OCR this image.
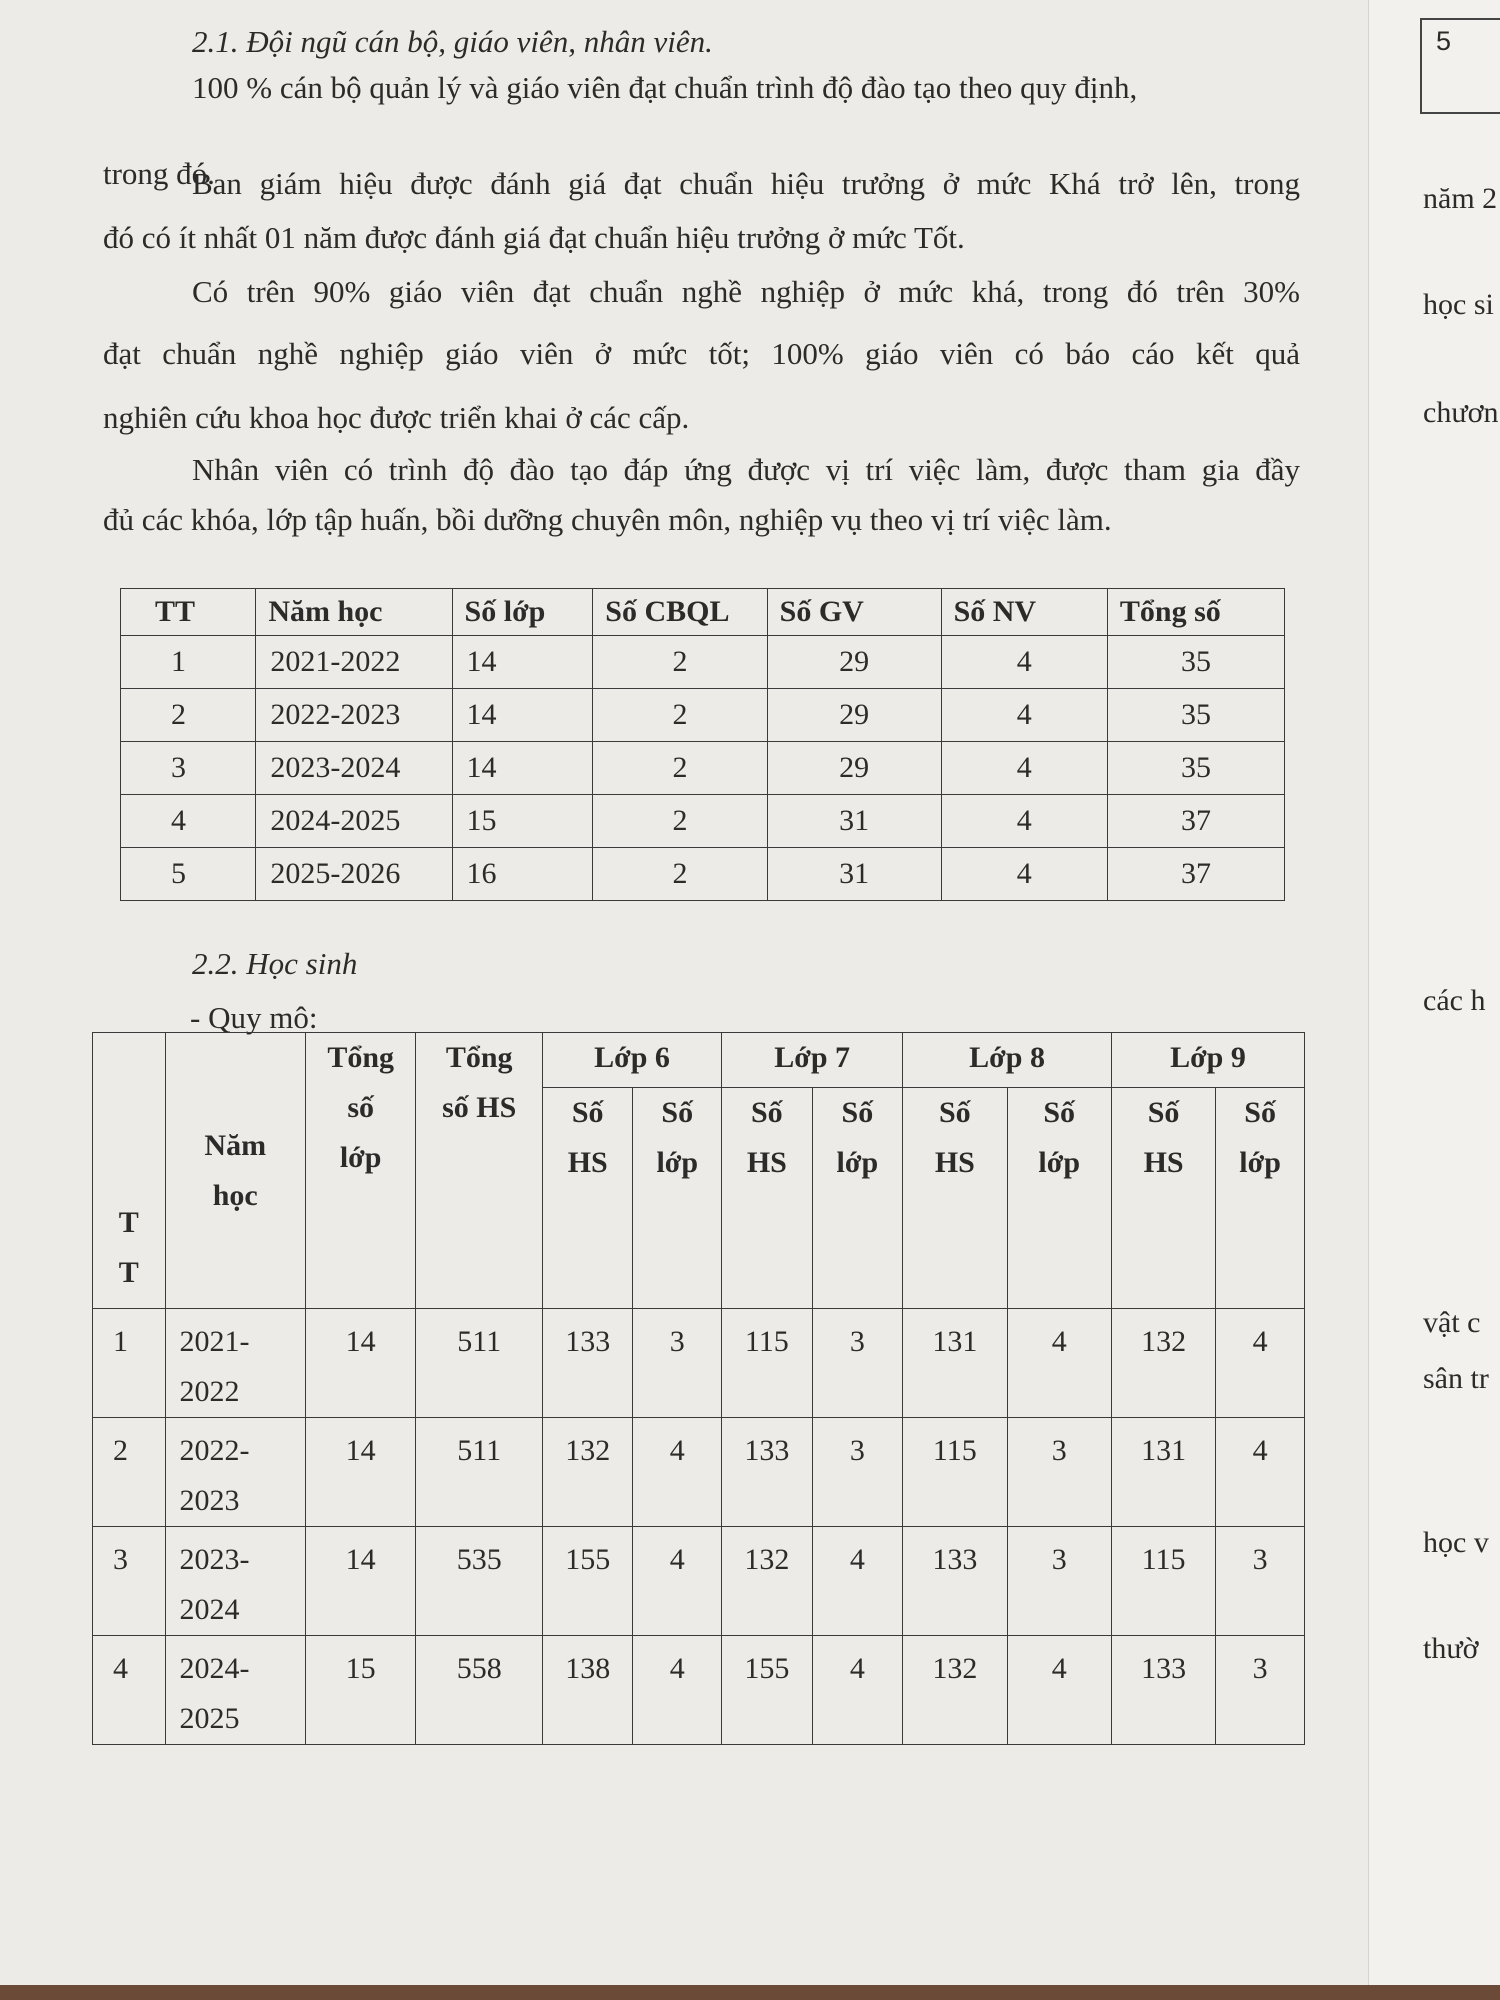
2.1. Đội ngũ cán bộ, giáo viên, nhân viên.

100 % cán bộ quản lý và giáo viên đạt chuẩn trình độ đào tạo theo quy định,

trong đó.

Ban giám hiệu được đánh giá đạt chuẩn hiệu trưởng ở mức Khá trở lên, trong

đó có ít nhất 01 năm được đánh giá đạt chuẩn hiệu trưởng ở mức Tốt.

Có trên 90% giáo viên đạt chuẩn nghề nghiệp ở mức khá, trong đó trên 30%

đạt chuẩn nghề nghiệp giáo viên ở mức tốt; 100% giáo viên có báo cáo kết quả

nghiên cứu khoa học được triển khai ở các cấp.

Nhân viên có trình độ đào tạo đáp ứng được vị trí việc làm, được tham gia đầy

đủ các khóa, lớp tập huấn, bồi dưỡng chuyên môn, nghiệp vụ theo vị trí việc làm.

TT	Năm học	Số lớp	Số CBQL	Số GV	Số NV	Tổng số
1	2021-2022	14	2	29	4	35
2	2022-2023	14	2	29	4	35
3	2023-2024	14	2	29	4	35
4	2024-2025	15	2	31	4	37
5	2025-2026	16	2	31	4	37

2.2. Học sinh

- Quy mô:

T T	Năm học	Tổng số lớp	Tổng số HS	Lớp 6		Lớp 7		Lớp 8		Lớp 9	
				Số HS	Số lớp	Số HS	Số lớp	Số HS	Số lớp	Số HS	Số lớp
1	2021- 2022	14	511	133	3	115	3	131	4	132	4
2	2022- 2023	14	511	132	4	133	3	115	3	131	4
3	2023- 2024	14	535	155	4	132	4	133	3	115	3
4	2024- 2025	15	558	138	4	155	4	132	4	133	3
5
năm 2
học si
chươn
các h
vật c
sân tr
học v
thườ
